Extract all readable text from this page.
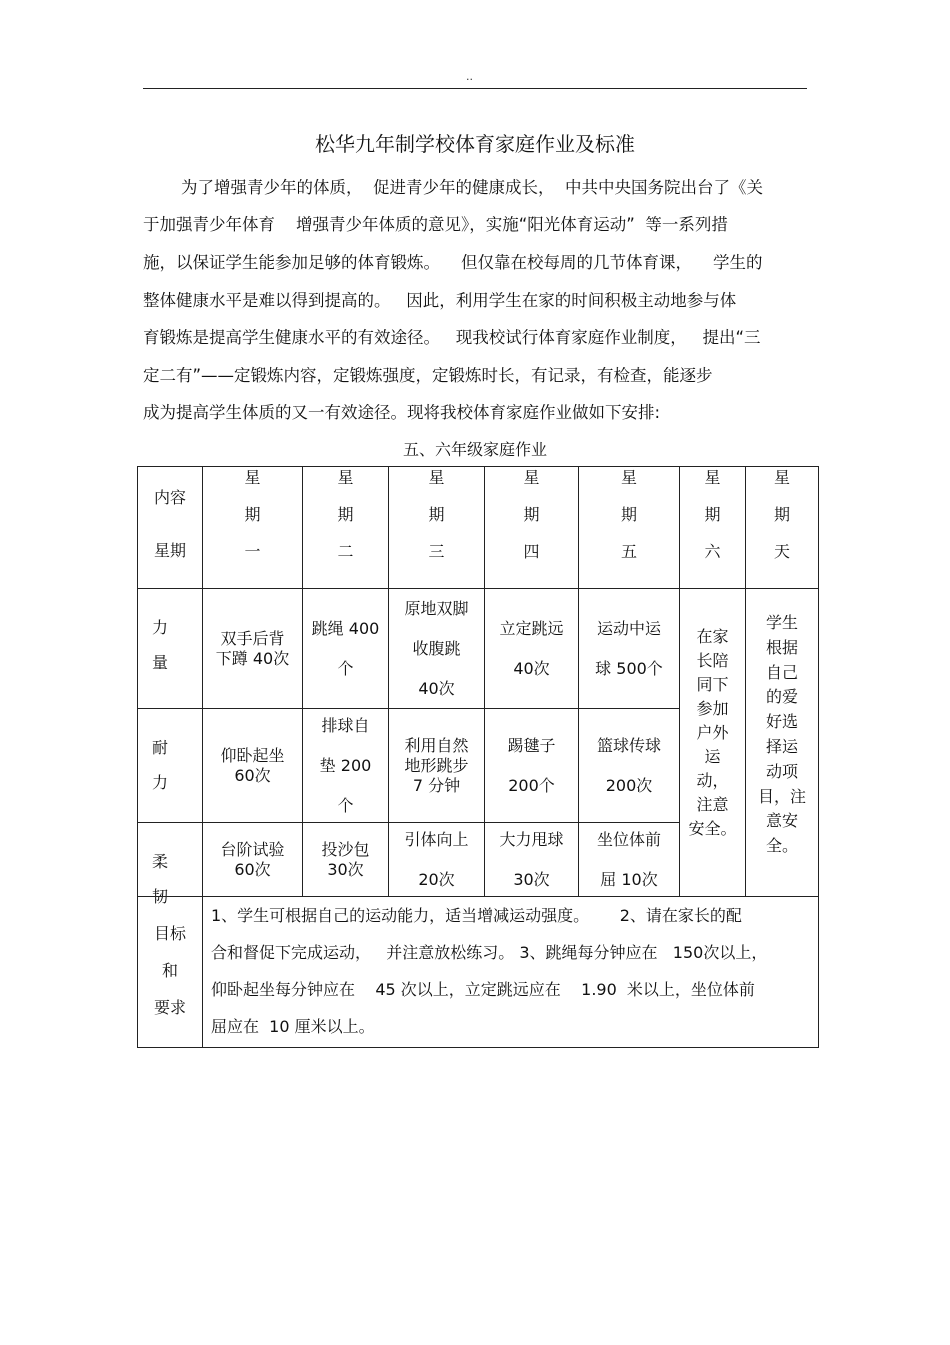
..
松华九年制学校体育家庭作业及标准
为了增强青少年的体质，  促进青少年的健康成长，  中共中央国务院出台了《关
于加强青少年体育    增强青少年体质的意见》，实施“阳光体育运动”  等一系列措
施，以保证学生能参加足够的体育锻炼。    但仅靠在校每周的几节体育课，    学生的
整体健康水平是难以得到提高的。   因此，利用学生在家的时间积极主动地参与体
育锻炼是提高学生健康水平的有效途径。   现我校试行体育家庭作业制度，   提出“三
定二有”——定锻炼内容，定锻炼强度，定锻炼时长，有记录，有检查，能逐步
成为提高学生体质的又一有效途径。现将我校体育家庭作业做如下安排:
五、六年级家庭作业
内容

星期
星

期

一
星

期

二
星

期

三
星

期

四
星

期

五
星

期

六
星

期

天
力

量
双手后背
下蹲 40次
跳绳 400

个
原地双脚

收腹跳

40次
立定跳远

40次
运动中运

球 500个
耐

力
仰卧起坐
60次
排球自

垫 200

个
利用自然
地形跳步
7 分钟
踢毽子

200个
篮球传球

200次
柔

韧
台阶试验
60次
投沙包
30次
引体向上

20次
大力甩球

30次
坐位体前

屈 10次
在家
长陪
同下
参加
户外
运
动，
注意
安全。
学生
根据
自己
的爱
好选
择运
动项
目，注
意安
全。
目标

和

要求
1、学生可根据自己的运动能力，适当增减运动强度。      2、请在家长的配
合和督促下完成运动，   并注意放松练习。 3、跳绳每分钟应在   150次以上，
仰卧起坐每分钟应在    45 次以上，立定跳远应在    1.90  米以上，坐位体前
屈应在  10 厘米以上。
